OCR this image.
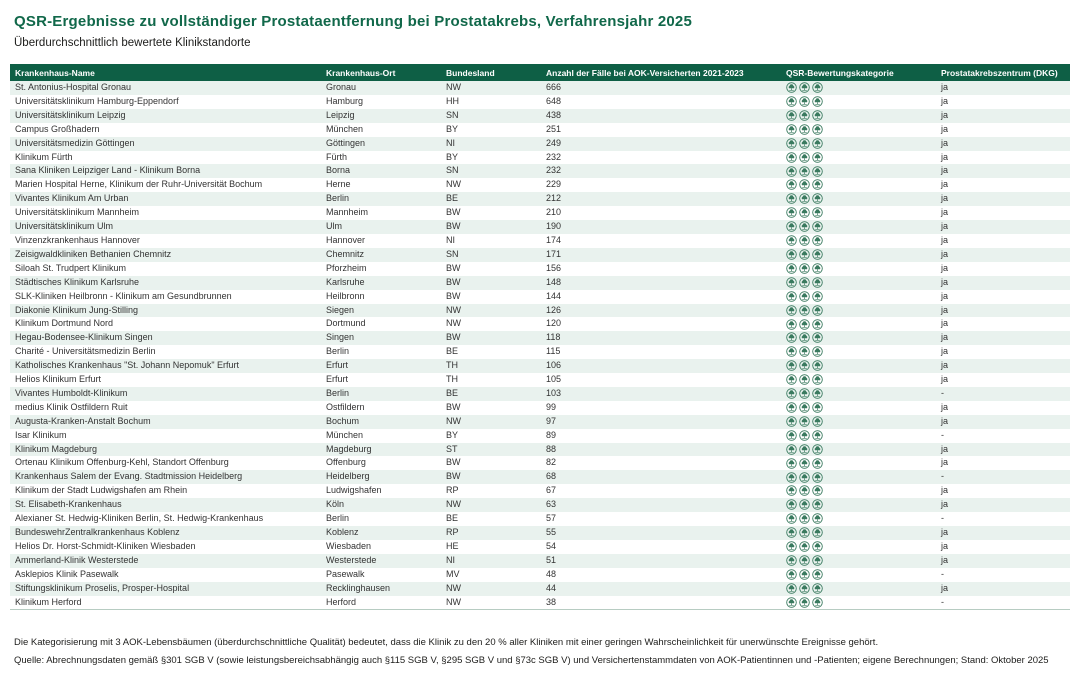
QSR-Ergebnisse zu vollständiger Prostataentfernung bei Prostatakrebs, Verfahrensjahr 2025
Überdurchschnittlich bewertete Klinikstandorte
Krankenhaus-Name	Krankenhaus-Ort	Bundesland	Anzahl der Fälle bei AOK-Versicherten 2021-2023	QSR-Bewertungskategorie	Prostatakrebszentrum (DKG)
St. Antonius-Hospital Gronau	Gronau	NW	666		ja
Universitätsklinikum Hamburg-Eppendorf	Hamburg	HH	648		ja
Universitätsklinikum Leipzig	Leipzig	SN	438		ja
Campus Großhadern	München	BY	251		ja
Universitätsmedizin Göttingen	Göttingen	NI	249		ja
Klinikum Fürth	Fürth	BY	232		ja
Sana Kliniken Leipziger Land - Klinikum Borna	Borna	SN	232		ja
Marien Hospital Herne, Klinikum der Ruhr-Universität Bochum	Herne	NW	229		ja
Vivantes Klinikum Am Urban	Berlin	BE	212		ja
Universitätsklinikum Mannheim	Mannheim	BW	210		ja
Universitätsklinikum Ulm	Ulm	BW	190		ja
Vinzenzkrankenhaus Hannover	Hannover	NI	174		ja
Zeisigwaldkliniken Bethanien Chemnitz	Chemnitz	SN	171		ja
Siloah St. Trudpert Klinikum	Pforzheim	BW	156		ja
Städtisches Klinikum Karlsruhe	Karlsruhe	BW	148		ja
SLK-Kliniken Heilbronn - Klinikum am Gesundbrunnen	Heilbronn	BW	144		ja
Diakonie Klinikum Jung-Stilling	Siegen	NW	126		ja
Klinikum Dortmund Nord	Dortmund	NW	120		ja
Hegau-Bodensee-Klinikum Singen	Singen	BW	118		ja
Charité - Universitätsmedizin Berlin	Berlin	BE	115		ja
Katholisches Krankenhaus "St. Johann Nepomuk" Erfurt	Erfurt	TH	106		ja
Helios Klinikum Erfurt	Erfurt	TH	105		ja
Vivantes Humboldt-Klinikum	Berlin	BE	103		-
medius Klinik Ostfildern Ruit	Ostfildern	BW	99		ja
Augusta-Kranken-Anstalt Bochum	Bochum	NW	97		ja
Isar Klinikum	München	BY	89		-
Klinikum Magdeburg	Magdeburg	ST	88		ja
Ortenau Klinikum Offenburg-Kehl, Standort Offenburg	Offenburg	BW	82		ja
Krankenhaus Salem der Evang. Stadtmission Heidelberg	Heidelberg	BW	68		-
Klinikum der Stadt Ludwigshafen am Rhein	Ludwigshafen	RP	67		ja
St. Elisabeth-Krankenhaus	Köln	NW	63		ja
Alexianer St. Hedwig-Kliniken Berlin, St. Hedwig-Krankenhaus	Berlin	BE	57		-
BundeswehrZentralkrankenhaus Koblenz	Koblenz	RP	55		ja
Helios Dr. Horst-Schmidt-Kliniken Wiesbaden	Wiesbaden	HE	54		ja
Ammerland-Klinik Westerstede	Westerstede	NI	51		ja
Asklepios Klinik Pasewalk	Pasewalk	MV	48		-
Stiftungsklinikum Proselis, Prosper-Hospital	Recklinghausen	NW	44		ja
Klinikum Herford	Herford	NW	38		-

Die Kategorisierung mit 3 AOK-Lebensbäumen (überdurchschnittliche Qualität) bedeutet, dass die Klinik zu den 20 % aller Kliniken mit einer geringen Wahrscheinlichkeit für unerwünschte Ereignisse gehört.

Quelle: Abrechnungsdaten gemäß §301 SGB V (sowie leistungsbereichsabhängig auch §115 SGB V, §295 SGB V und §73c SGB V) und Versichertenstammdaten von AOK-Patientinnen und -Patienten; eigene Berechnungen; Stand: Oktober 2025
